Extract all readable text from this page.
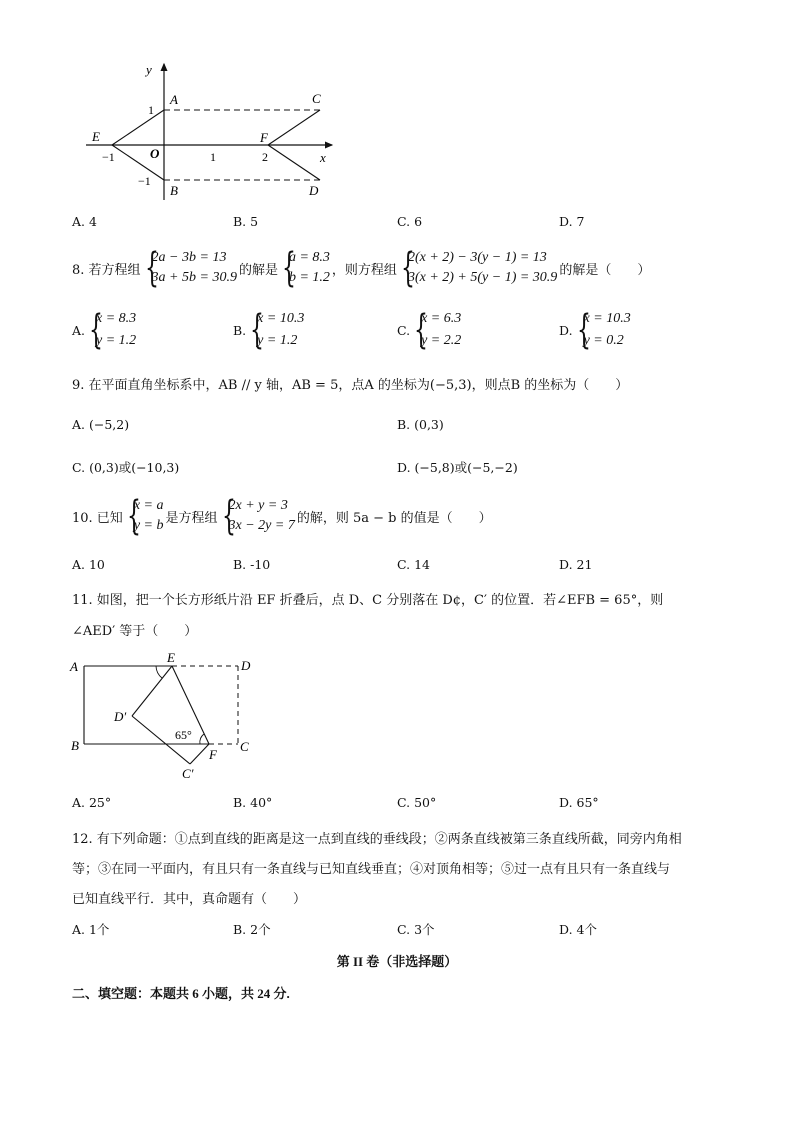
y
x
O
A
B
C
D
E	F
1
−1
−1	1	2
A. 4	B. 5	C. 6	D. 7
8. 若方程组 {
2a − 3b = 13
3a + 5b = 30.9 的解是 {
a = 8.3
b = 1.2 ，则方程组 {
2(x + 2) − 3(y − 1) = 13
3(x + 2) + 5(y − 1) = 30.9 的解是（　　）
A. {
x = 8.3
y = 1.2
B. {
x = 10.3
y = 1.2
C. {
x = 6.3
y = 2.2
D. {
x = 10.3
y = 0.2
9. 在平面直角坐标系中，AB // y 轴，AB = 5，点A 的坐标为(−5,3)，则点B 的坐标为（　　）
A. (−5,2)	B. (0,3)
C. (0,3)或(−10,3)	D. (−5,8)或(−5,−2)
10. 已知 {
x = a
y = b 是方程组 {
2x + y = 3
3x − 2y = 7 的解，则 5a − b 的值是（　　）
A. 10	B. -10	C. 14	D. 21
11. 如图，把一个长方形纸片沿 EF 折叠后，点 D、C 分别落在 D¢，C′ 的位置．若∠EFB = 65°，则
∠AED′ 等于（　　）
A
B	C
D
E
F
D′
C′
65°
A. 25°	B. 40°	C. 50°	D. 65°
12. 有下列命题：①点到直线的距离是这一点到直线的垂线段；②两条直线被第三条直线所截，同旁内角相
等；③在同一平面内，有且只有一条直线与已知直线垂直；④对顶角相等；⑤过一点有且只有一条直线与
已知直线平行．其中，真命题有（　　）
A. 1个	B. 2个	C. 3个	D. 4个
第 II 卷（非选择题）
二、填空题：本题共 6 小题，共 24 分.
